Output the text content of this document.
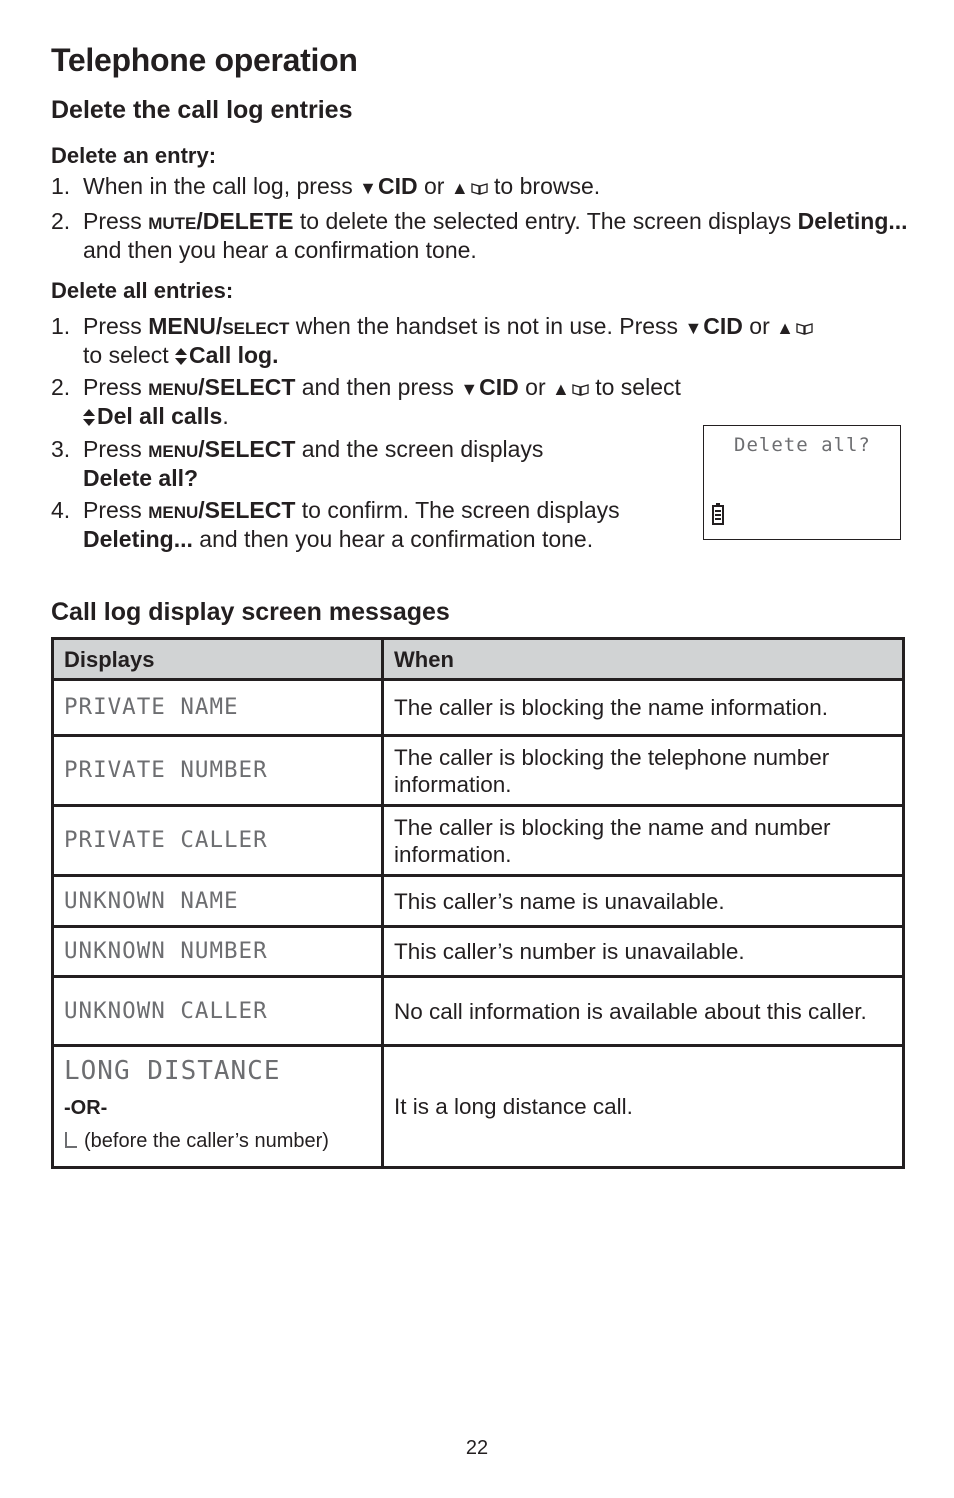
Telephone operation
Delete the call log entries
Delete an entry:
1. When in the call log, press ▼CID or ▲ to browse.
2. Press MUTE/DELETE to delete the selected entry. The screen displays Deleting... and then you hear a confirmation tone.
Delete all entries:
1. Press MENU/SELECT when the handset is not in use. Press ▼CID or ▲
to select Call log.
2. Press MENU/SELECT and then press ▼CID or ▲ to select
Del all calls.
3. Press MENU/SELECT and the screen displays
Delete all?
4. Press MENU/SELECT to confirm. The screen displays
Deleting... and then you hear a confirmation tone.
Delete all?
Call log display screen messages
Displays	When
PRIVATE NAME	The caller is blocking the name information.
PRIVATE NUMBER	The caller is blocking the telephone number information.
PRIVATE CALLER	The caller is blocking the name and number information.
UNKNOWN NAME	This caller’s name is unavailable.
UNKNOWN NUMBER	This caller’s number is unavailable.
UNKNOWN CALLER	No call information is available about this caller.

LONG DISTANCE
-OR-
(before the caller’s number)	It is a long distance call.
22
